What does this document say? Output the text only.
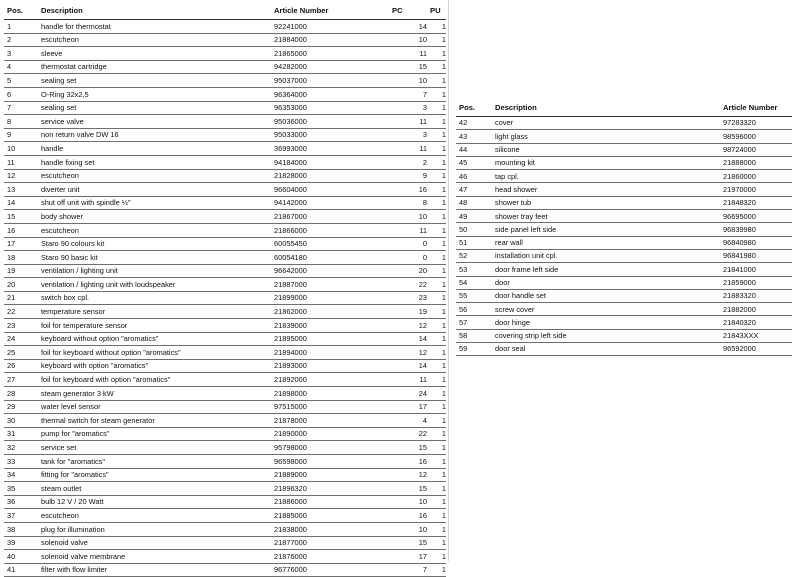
Pos.	Description	Article Number	PC	PU
1	handle for thermostat	92241000	14	1
2	escutcheon	21884000	10	1
3	sleeve	21865000	11	1
4	thermostat cartridge	94282000	15	1
5	sealing set	95037000	10	1
6	O-Ring 32x2,5	96364000	7	1
7	sealing set	96353000	3	1
8	service valve	95036000	11	1
9	non return valve DW 16	95033000	3	1
10	handle	36993000	11	1
11	handle fixing set	94184000	2	1
12	escutcheon	21828000	9	1
13	diverter unit	96604000	16	1
14	shut off unit with spindle ½"	94142000	8	1
15	body shower	21867000	10	1
16	escutcheon	21866000	11	1
17	Staro 90 colours kit	60055450	0	1
18	Staro 90 basic kit	60054180	0	1
19	ventilation / lighting unit	96642000	20	1
20	ventilation / lighting unit with loudspeaker	21887000	22	1
21	switch box cpl.	21899000	23	1
22	temperature sensor	21862000	19	1
23	foil for temperature sensor	21839000	12	1
24	keyboard without option "aromatics"	21895000	14	1
25	foil for keyboard without option "aromatics"	21894000	12	1
26	keyboard with option "aromatics"	21893000	14	1
27	foil for keyboard with option "aromatics"	21892000	11	1
28	steam generator 3 kW	21898000	24	1
29	water level sensor	97515000	17	1
30	thermal switch for steam generator	21878000	4	1
31	pump for "aromatics"	21890000	22	1
32	service set	95798000	15	1
33	tank for "aromatics"	96598000	16	1
34	fitting for "aromatics"	21889000	12	1
35	steam outlet	21896320	15	1
36	bulb 12 V / 20 Watt	21886000	10	1
37	escutcheon	21885000	16	1
38	plug for illumination	21838000	10	1
39	solenoid valve	21877000	15	1
40	solenoid valve membrane	21876000	17	1
41	filter with flow limiter	96776000	7	1
Pos.	Description	Article Number
42	cover	97283320
43	light glass	98596000
44	silicone	98724000
45	mounting kit	21888000
46	tap cpl.	21860000
47	head shower	21970000
48	shower tub	21848320
49	shower tray feet	96695000
50	side panel left side	96839980
51	rear wall	96840980
52	installation unit cpl.	96841980
53	door frame left side	21841000
54	door	21859000
55	door handle set	21883320
56	screw cover	21882000
57	door hinge	21840320
58	covering strip left side	21843XXX
59	door seal	96592000
